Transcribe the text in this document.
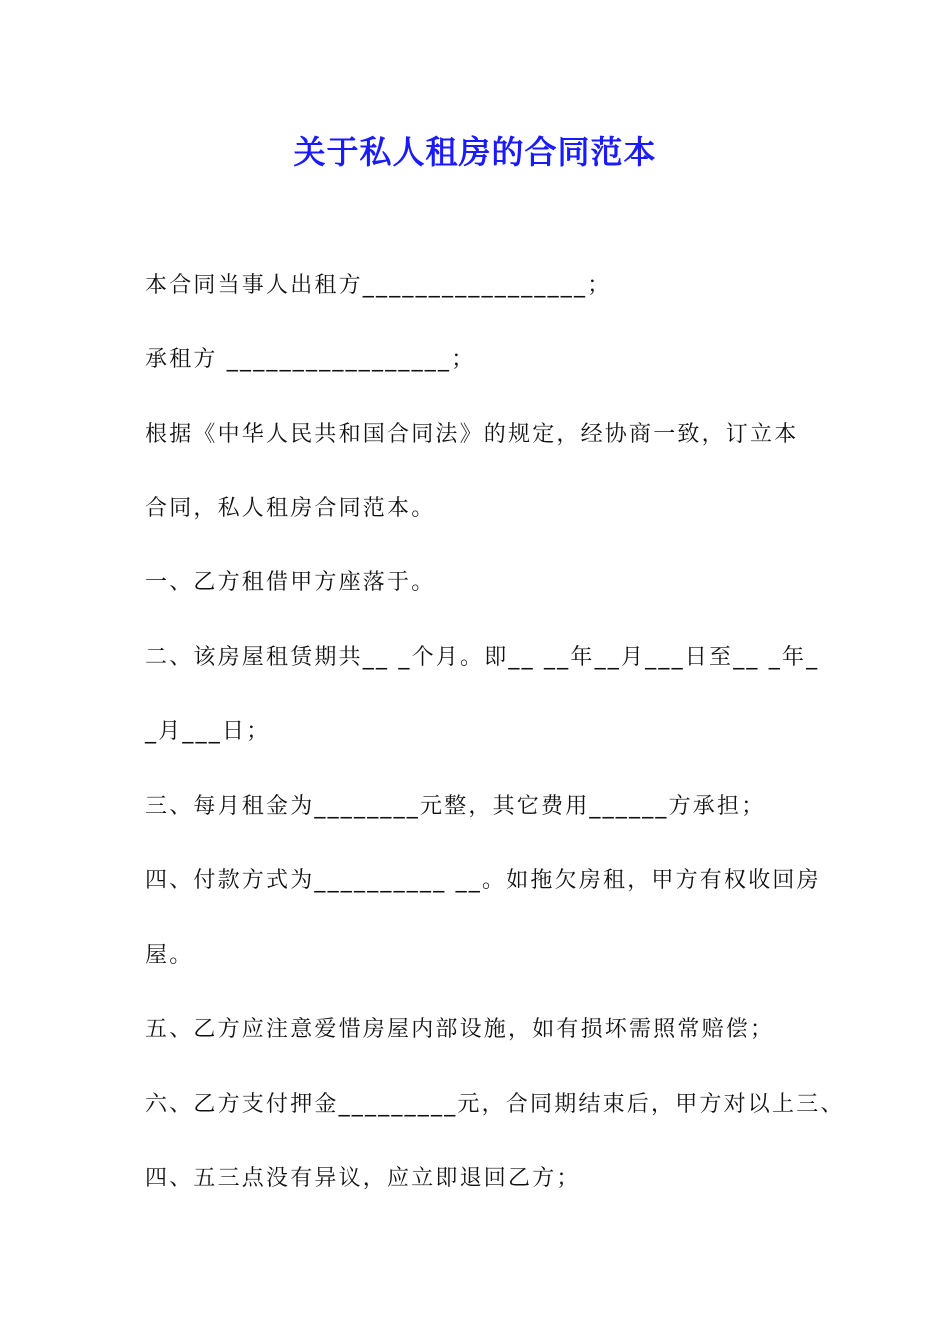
关于私人租房的合同范本

本合同当事人出租方_________________；

承租方 _________________；

根据《中华人民共和国合同法》的规定，经协商一致，订立本

合同，私人租房合同范本。

一、乙方租借甲方座落于。

二、该房屋租赁期共__ _个月。即__ __年__月___日至__ _年_

_月___日；

三、每月租金为________元整，其它费用______方承担；

四、付款方式为__________ __。如拖欠房租，甲方有权收回房

屋。

五、乙方应注意爱惜房屋内部设施，如有损坏需照常赔偿；

六、乙方支付押金_________元，合同期结束后，甲方对以上三、

四、五三点没有异议，应立即退回乙方；
